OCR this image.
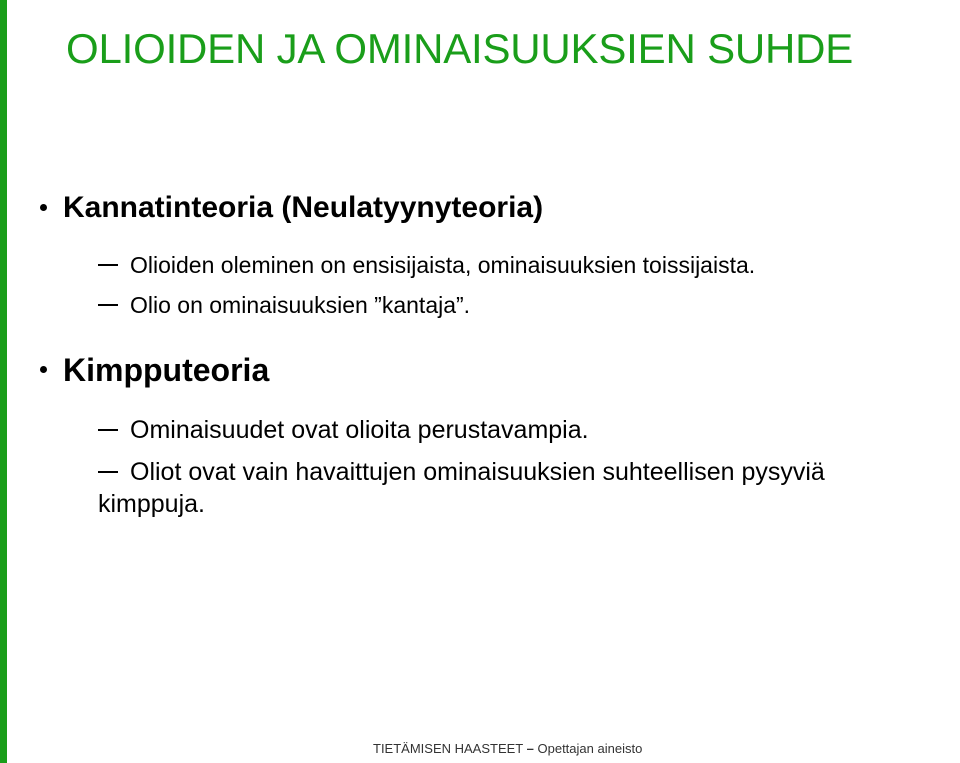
OLIOIDEN JA OMINAISUUKSIEN SUHDE
Kannatinteoria (Neulatyynyteoria)
Olioiden oleminen on ensisijaista, ominaisuuksien toissijaista.
Olio on ominaisuuksien ”kantaja”.
Kimpputeoria
Ominaisuudet ovat olioita perustavampia.
Oliot ovat vain havaittujen ominaisuuksien suhteellisen pysyviä
kimppuja.
TIETÄMISEN HAASTEET – Opettajan aineisto
